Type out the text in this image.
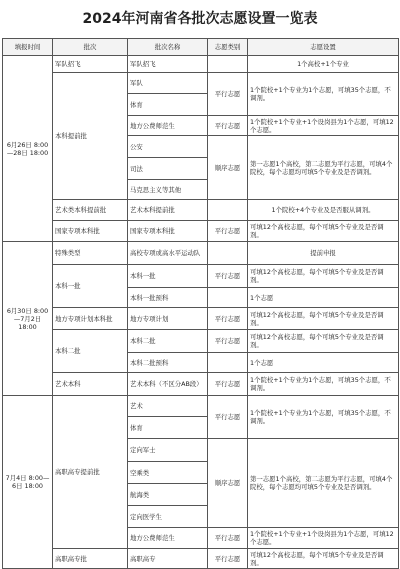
2024年河南省各批次志愿设置一览表
填报时间	批次	批次名称	志愿类别	志愿设置
6月26日 8:00—28日 18:00	军队招飞	军队招飞		1个高校+1个专业
	本科提前批	军队	平行志愿	1个院校+1个专业为1个志愿，可填35个志愿，不调剂。
		体育		
		地方公费师范生	平行志愿	1个院校+1个专业+1个设岗县为1个志愿，可填12个志愿。
		公安	顺序志愿	第一志愿1个高校，第二志愿为平行志愿，可填4个院校，每个志愿均可填5个专业及是否调剂。
		司法		
		马克思主义等其他		
	艺术类本科提前批	艺术本科提前批		1个院校+4个专业及是否服从调剂。
	国家专项本科批	国家专项本科批	平行志愿	可填12个高校志愿，每个可填5个专业及是否调剂。
6月30日 8:00—7月2日 18:00	特殊类型	高校专项或高水平运动队		提前申报
	本科一批	本科一批	平行志愿	可填12个高校志愿，每个可填5个专业及是否调剂。
		本科一批预科		1个志愿
	地方专项计划本科批	地方专项计划	平行志愿	可填12个高校志愿，每个可填5个专业及是否调剂。
	本科二批	本科二批	平行志愿	可填12个高校志愿，每个可填5个专业及是否调剂。
		本科二批预科		1个志愿
	艺术本科	艺术本科（不区分AB段）	平行志愿	1个院校+1个专业为1个志愿，可填35个志愿，不调剂。
7月4日 8:00—6日 18:00	高职高专提前批	艺术	平行志愿	1个院校+1个专业为1个志愿，可填35个志愿，不调剂。
		体育		
		定向军士	顺序志愿	第一志愿1个高校，第二志愿为平行志愿，可填4个院校，每个志愿均可填5个专业及是否调剂。
		空乘类		
		航海类		
		定向医学生		
		地方公费师范生	平行志愿	1个院校+1个专业+1个设岗县为1个志愿，可填12个志愿。
	高职高专批	高职高专	平行志愿	可填12个高校志愿，每个可填5个专业及是否调剂。
